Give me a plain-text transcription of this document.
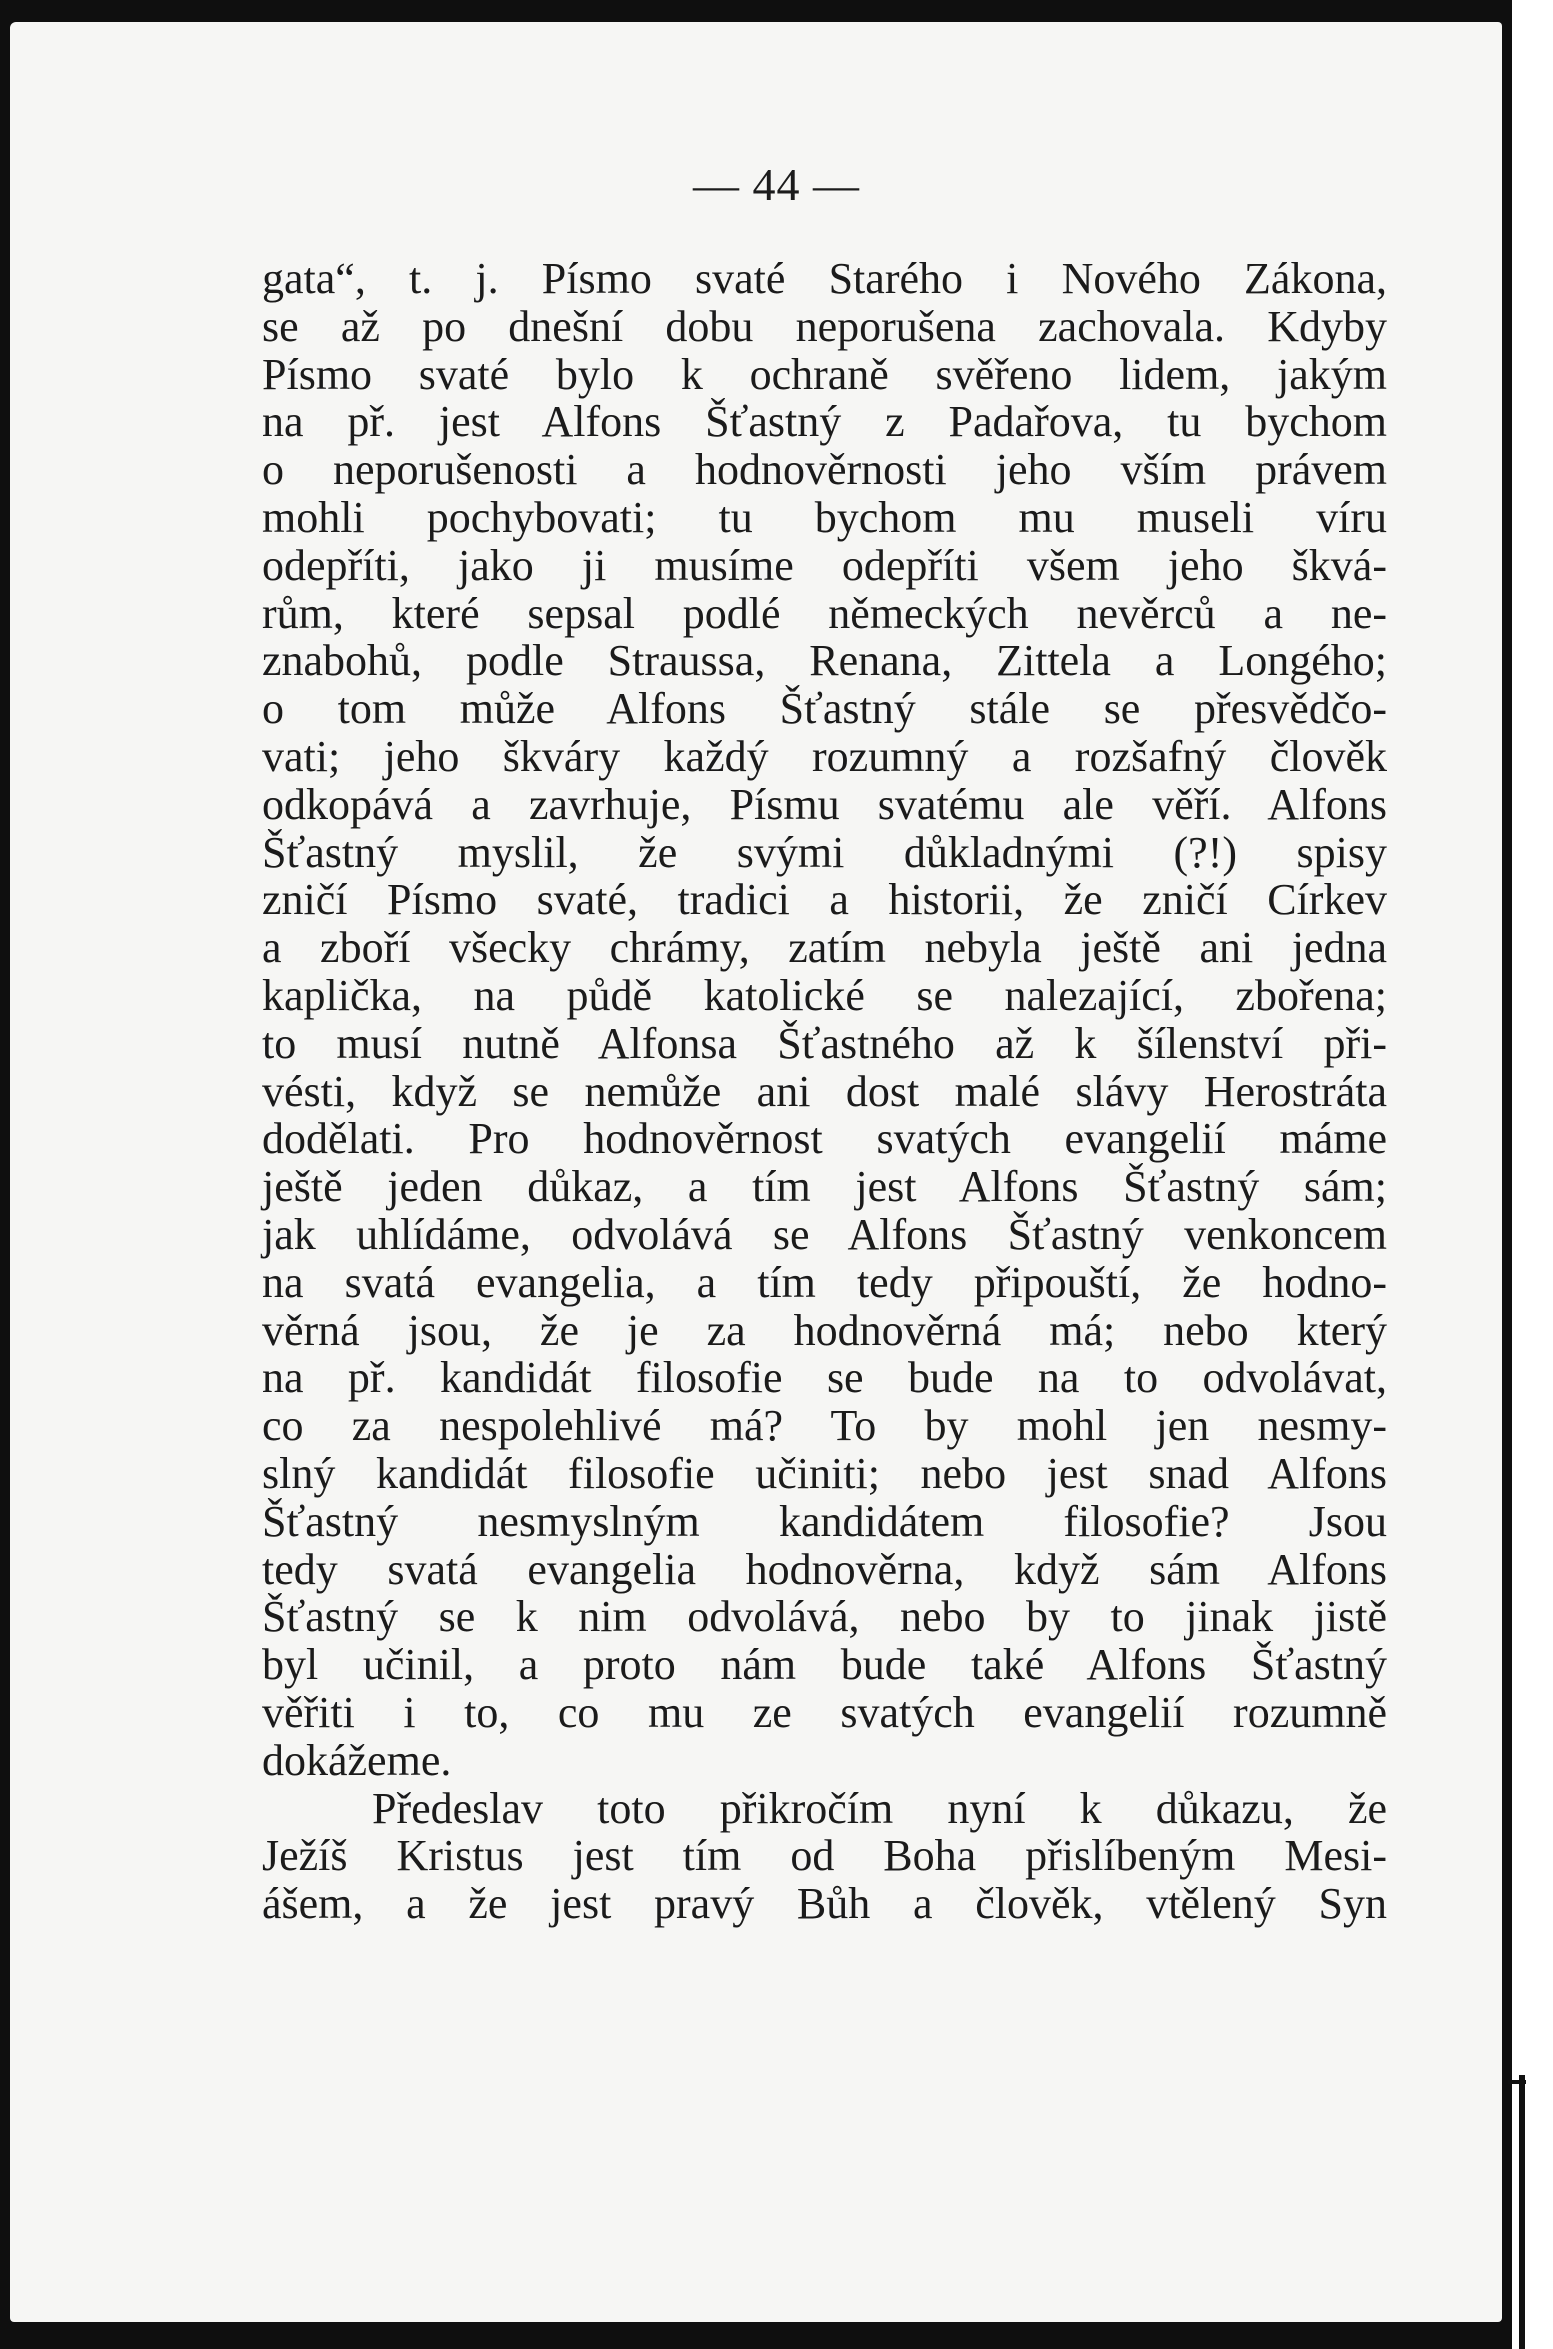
— 44 —
gata“, t. j. Písmo svaté Starého i Nového Zákona,
se až po dnešní dobu neporušena zachovala. Kdyby
Písmo svaté bylo k ochraně svěřeno lidem, jakým
na př. jest Alfons Šťastný z Padařova, tu bychom
o neporušenosti a hodnověrnosti jeho vším právem
mohli pochybovati; tu bychom mu museli víru
odepříti, jako ji musíme odepříti všem jeho škvá-
rům, které sepsal podlé německých nevěrců a ne-
znabohů, podle Straussa, Renana, Zittela a Longého;
o tom může Alfons Šťastný stále se přesvědčo-
vati; jeho škváry každý rozumný a rozšafný člověk
odkopává a zavrhuje, Písmu svatému ale věří. Alfons
Šťastný myslil, že svými důkladnými (?!) spisy
zničí Písmo svaté, tradici a historii, že zničí Církev
a zboří všecky chrámy, zatím nebyla ještě ani jedna
kaplička, na půdě katolické se nalezající, zbořena;
to musí nutně Alfonsa Šťastného až k šílenství při-
vésti, když se nemůže ani dost malé slávy Herostráta
dodělati. Pro hodnověrnost svatých evangelií máme
ještě jeden důkaz, a tím jest Alfons Šťastný sám;
jak uhlídáme, odvolává se Alfons Šťastný venkoncem
na svatá evangelia, a tím tedy připouští, že hodno-
věrná jsou, že je za hodnověrná má; nebo který
na př. kandidát filosofie se bude na to odvolávat,
co za nespolehlivé má? To by mohl jen nesmy-
slný kandidát filosofie učiniti; nebo jest snad Alfons
Šťastný nesmyslným kandidátem filosofie? Jsou
tedy svatá evangelia hodnověrna, když sám Alfons
Šťastný se k nim odvolává, nebo by to jinak jistě
byl učinil, a proto nám bude také Alfons Šťastný
věřiti i to, co mu ze svatých evangelií rozumně
dokážeme.
Předeslav toto přikročím nyní k důkazu, že
Ježíš Kristus jest tím od Boha přislíbeným Mesi-
ášem, a že jest pravý Bůh a člověk, vtělený Syn
